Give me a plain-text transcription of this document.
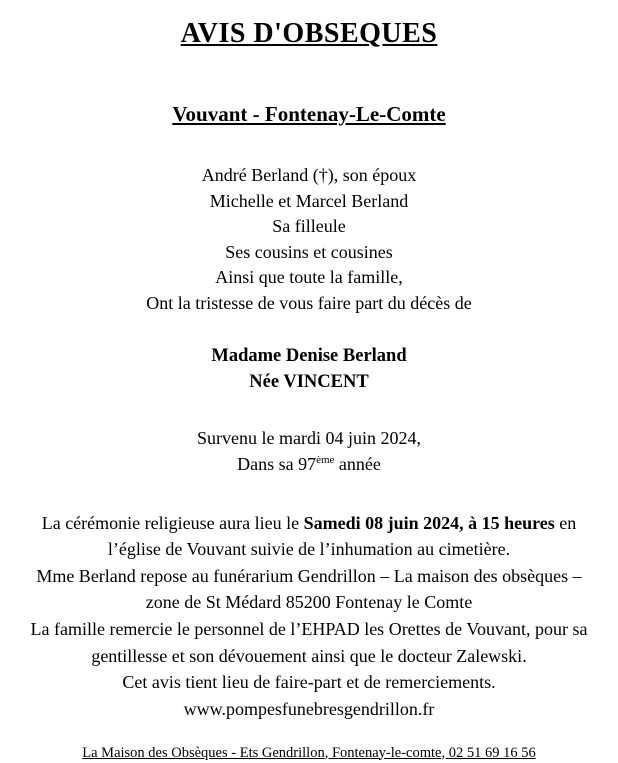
AVIS D'OBSEQUES
Vouvant - Fontenay-Le-Comte
André Berland (†), son époux
Michelle et Marcel Berland
Sa filleule
Ses cousins et cousines
Ainsi que toute la famille,
Ont la tristesse de vous faire part du décès de
Madame Denise Berland
Née VINCENT
Survenu le mardi 04 juin 2024,
Dans sa 97ème année
La cérémonie religieuse aura lieu le Samedi 08 juin 2024, à 15 heures en l’église de Vouvant suivie de l’inhumation au cimetière.
Mme Berland repose au funérarium Gendrillon – La maison des obsèques – zone de St Médard 85200 Fontenay le Comte
La famille remercie le personnel de l’EHPAD les Orettes de Vouvant, pour sa gentillesse et son dévouement ainsi que le docteur Zalewski.
Cet avis tient lieu de faire-part et de remerciements.
www.pompesfunebresgendrillon.fr
La Maison des Obsèques - Ets Gendrillon, Fontenay-le-comte, 02 51 69 16 56
